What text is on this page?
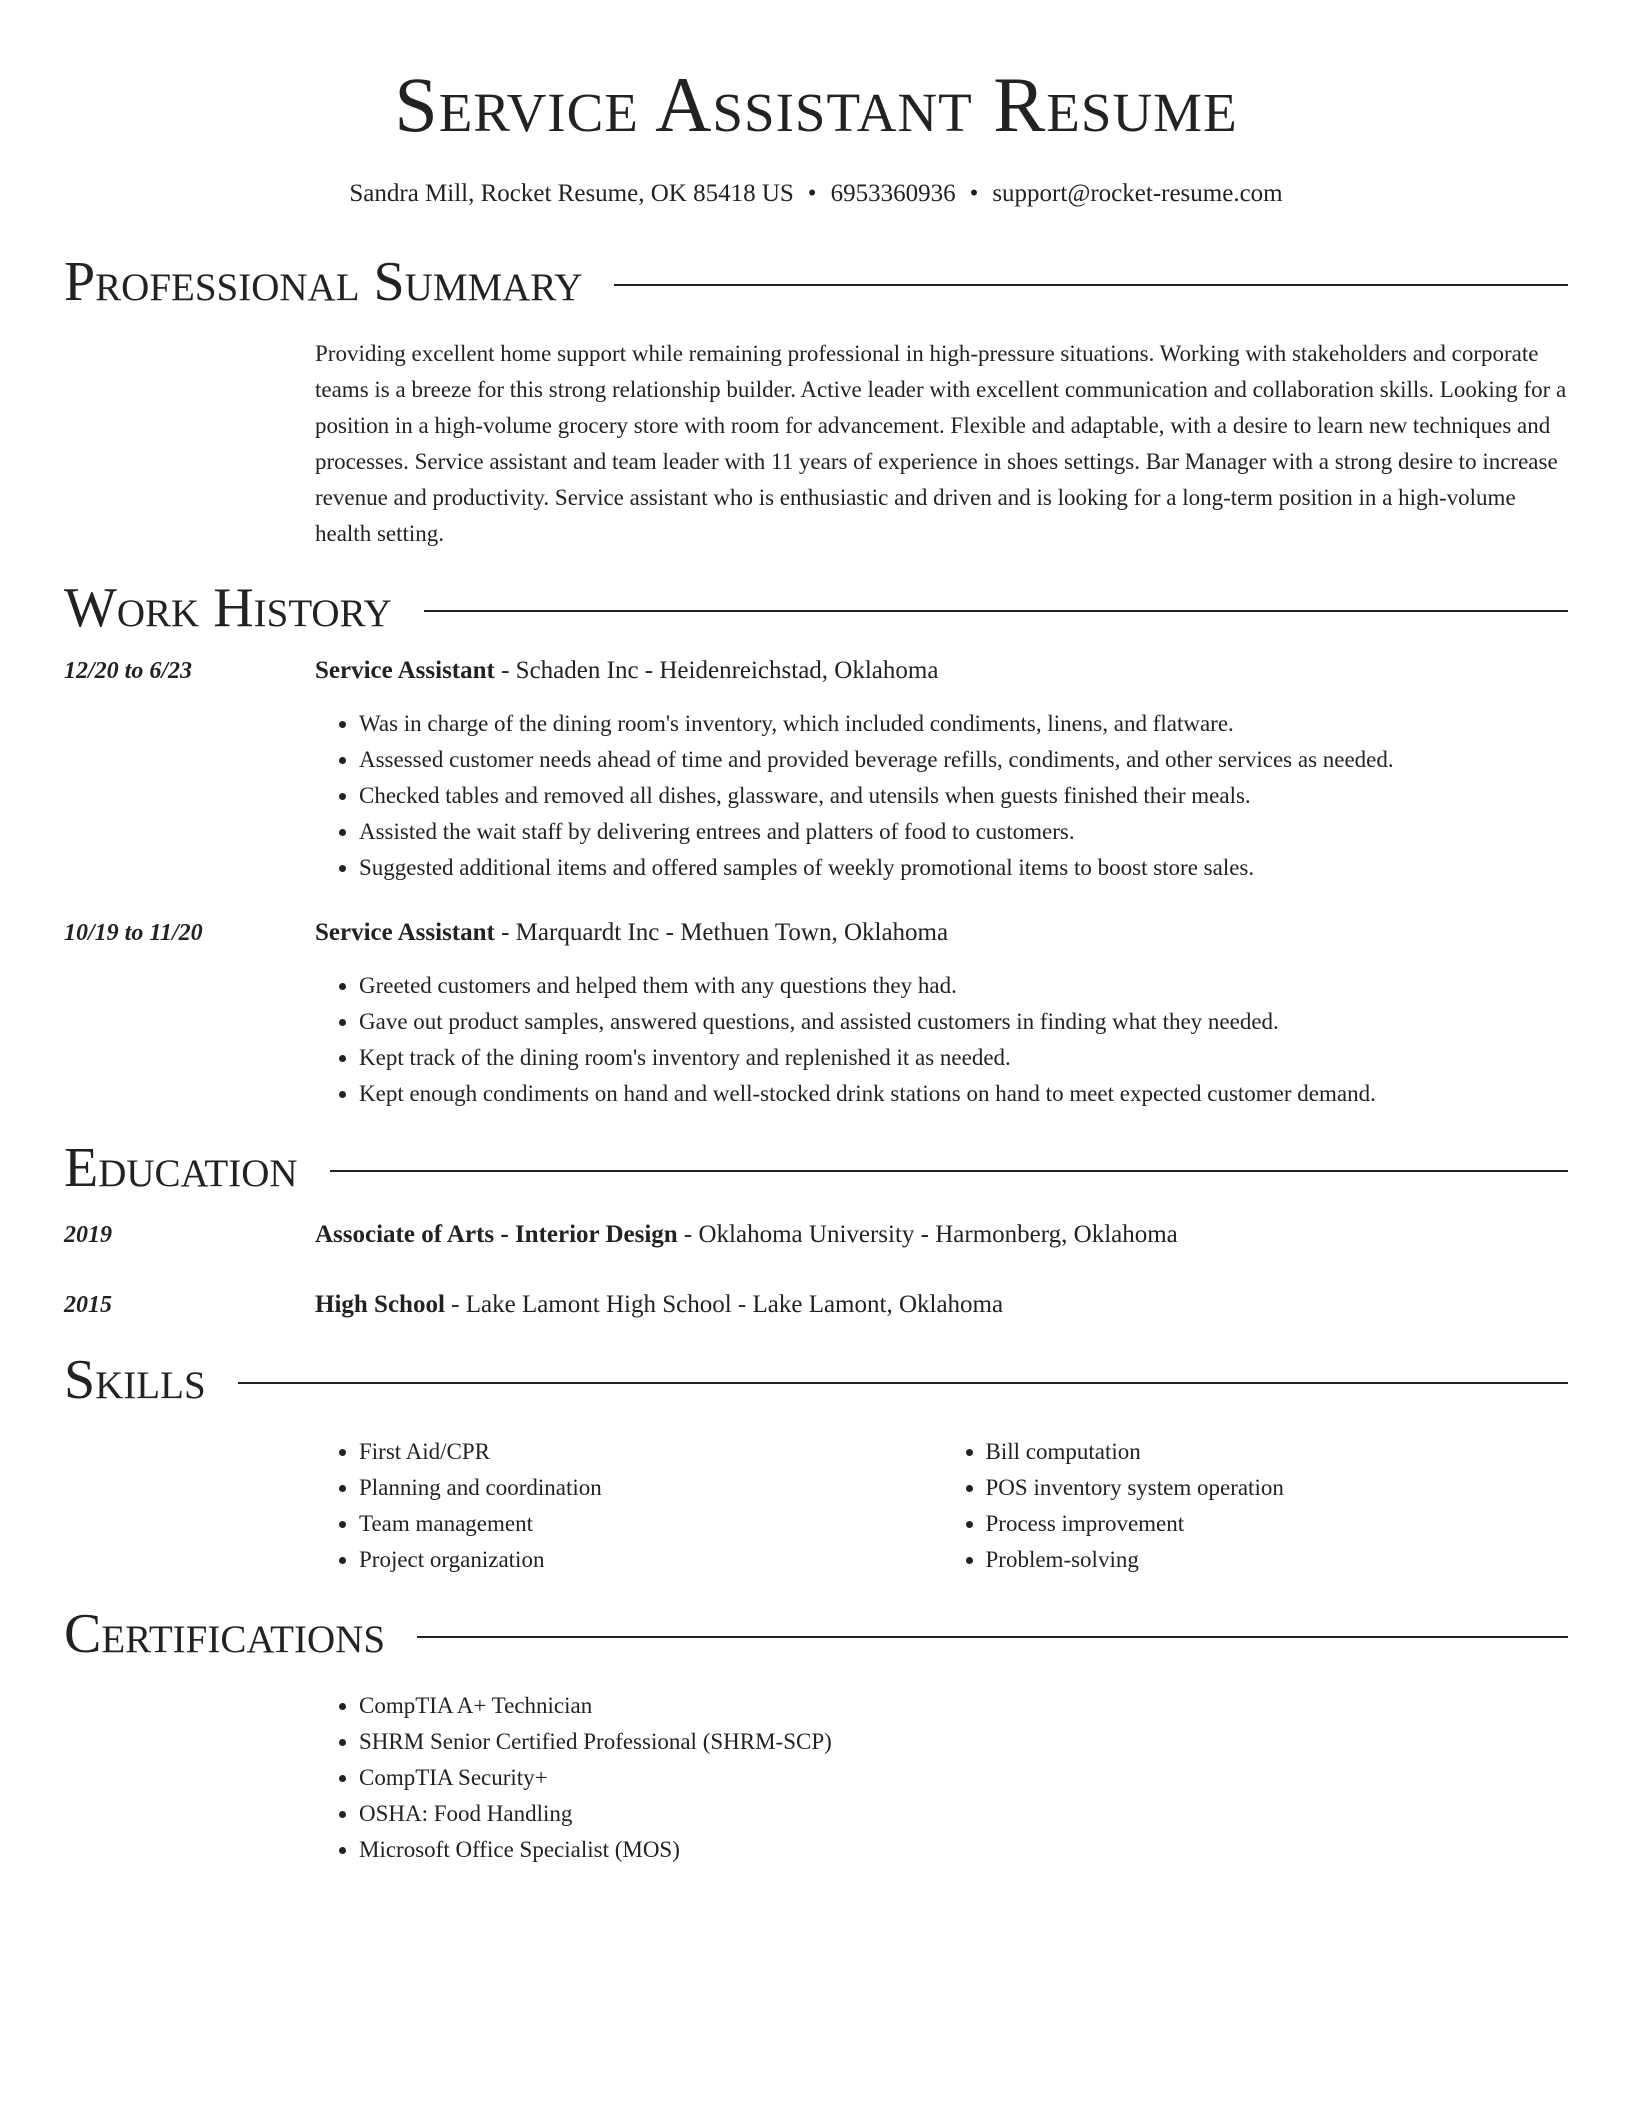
Service Assistant Resume
Sandra Mill, Rocket Resume, OK 85418 US • 6953360936 • support@rocket-resume.com
Professional Summary
Providing excellent home support while remaining professional in high-pressure situations. Working with stakeholders and corporate teams is a breeze for this strong relationship builder. Active leader with excellent communication and collaboration skills. Looking for a position in a high-volume grocery store with room for advancement. Flexible and adaptable, with a desire to learn new techniques and processes. Service assistant and team leader with 11 years of experience in shoes settings. Bar Manager with a strong desire to increase revenue and productivity. Service assistant who is enthusiastic and driven and is looking for a long-term position in a high-volume health setting.
Work History
12/20 to 6/23	Service Assistant - Schaden Inc - Heidenreichstad, Oklahoma
• Was in charge of the dining room's inventory, which included condiments, linens, and flatware.
• Assessed customer needs ahead of time and provided beverage refills, condiments, and other services as needed.
• Checked tables and removed all dishes, glassware, and utensils when guests finished their meals.
• Assisted the wait staff by delivering entrees and platters of food to customers.
• Suggested additional items and offered samples of weekly promotional items to boost store sales.
10/19 to 11/20	Service Assistant - Marquardt Inc - Methuen Town, Oklahoma
• Greeted customers and helped them with any questions they had.
• Gave out product samples, answered questions, and assisted customers in finding what they needed.
• Kept track of the dining room's inventory and replenished it as needed.
• Kept enough condiments on hand and well-stocked drink stations on hand to meet expected customer demand.
Education
2019	Associate of Arts - Interior Design - Oklahoma University - Harmonberg, Oklahoma
2015	High School - Lake Lamont High School - Lake Lamont, Oklahoma
Skills
• First Aid/CPR
• Planning and coordination
• Team management
• Project organization
• Bill computation
• POS inventory system operation
• Process improvement
• Problem-solving
Certifications
• CompTIA A+ Technician
• SHRM Senior Certified Professional (SHRM-SCP)
• CompTIA Security+
• OSHA: Food Handling
• Microsoft Office Specialist (MOS)
